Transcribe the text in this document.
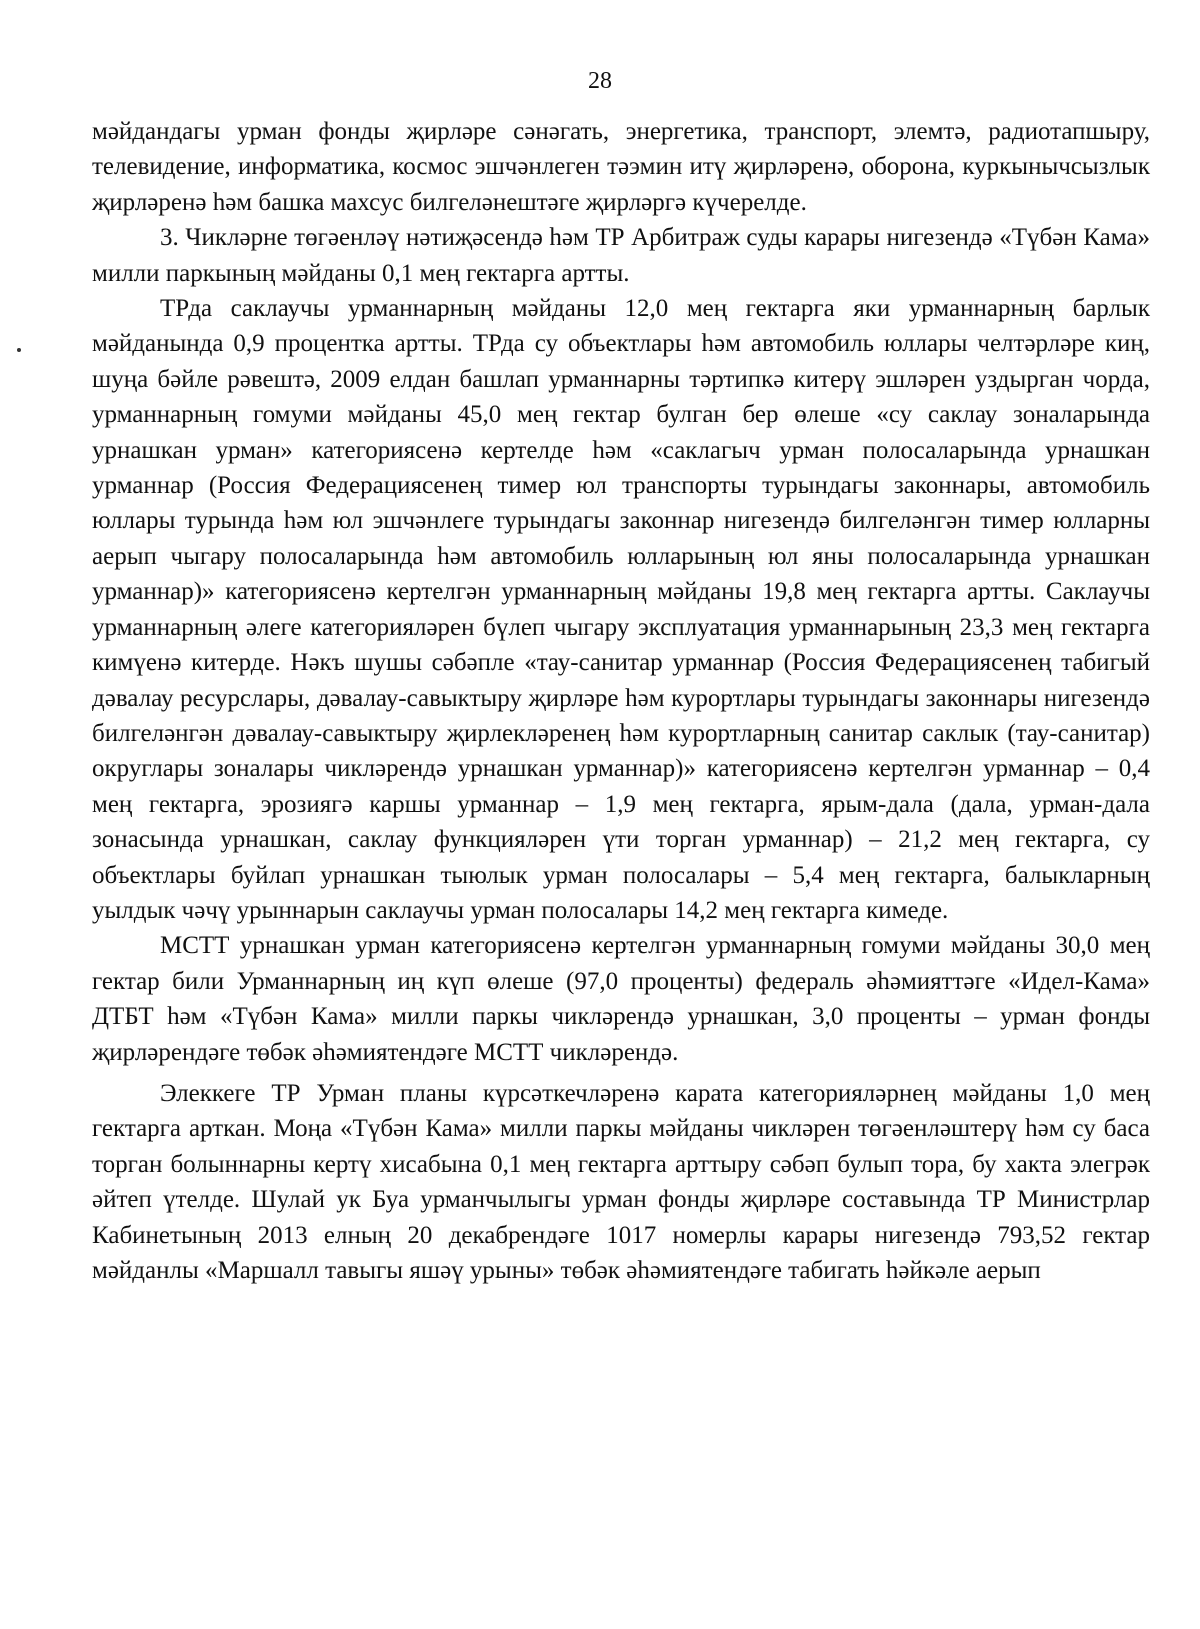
28

мәйдандагы урман фонды җирләре сәнәгать, энергетика, транспорт, элемтә, радиотапшыру, телевидение, информатика, космос эшчәнлеген тәэмин итү җирләренә, оборона, куркынычсызлык җирләренә һәм башка махсус билгеләнештәге җирләргә күчерелде.

3. Чикләрне төгәенләү нәтиҗәсендә һәм ТР Арбитраж суды карары нигезендә «Түбән Кама» милли паркының мәйданы 0,1 мең гектарга артты.

ТРда саклаучы урманнарның мәйданы 12,0 мең гектарга яки урманнарның барлык мәйданында 0,9 процентка артты. ТРда су объектлары һәм автомобиль юллары челтәрләре киң, шуңа бәйле рәвештә, 2009 елдан башлап урманнарны тәртипкә китерү эшләрен уздырган чорда, урманнарның гомуми мәйданы 45,0 мең гектар булган бер өлеше «су саклау зоналарында урнашкан урман» категориясенә кертелде һәм «саклагыч урман полосаларында урнашкан урманнар (Россия Федерациясенең тимер юл транспорты турындагы законнары, автомобиль юллары турында һәм юл эшчәнлеге турындагы законнар нигезендә билгеләнгән тимер юлларны аерып чыгару полосаларында һәм автомобиль юлларының юл яны полосаларында урнашкан урманнар)» категориясенә кертелгән урманнарның мәйданы 19,8 мең гектарга артты. Саклаучы урманнарның әлеге категорияләрен бүлеп чыгару эксплуатация урманнарының 23,3 мең гектарга кимүенә китерде. Нәкъ шушы сәбәпле «тау-санитар урманнар (Россия Федерациясенең табигый дәвалау ресурслары, дәвалау-савыктыру җирләре һәм курортлары турындагы законнары нигезендә билгеләнгән дәвалау-савыктыру җирлекләренең һәм курортларның санитар саклык (тау-санитар) округлары зоналары чикләрендә урнашкан урманнар)» категориясенә кертелгән урманнар – 0,4 мең гектарга, эрозиягә каршы урманнар – 1,9 мең гектарга, ярым-дала (дала, урман-дала зонасында урнашкан, саклау функцияләрен үти торган урманнар) – 21,2 мең гектарга, су объектлары буйлап урнашкан тыюлык урман полосалары – 5,4 мең гектарга, балыкларның уылдык чәчү урыннарын саклаучы урман полосалары 14,2 мең гектарга кимеде.

МСТТ урнашкан урман категориясенә кертелгән урманнарның гомуми мәйданы 30,0 мең гектар били Урманнарның иң күп өлеше (97,0 проценты) федераль әһәмияттәге «Идел-Кама» ДТБТ һәм «Түбән Кама» милли паркы чикләрендә урнашкан, 3,0 проценты – урман фонды җирләрендәге төбәк әһәмиятендәге МСТТ чикләрендә.

Элеккеге ТР Урман планы күрсәткечләренә карата категорияләрнең мәйданы 1,0 мең гектарга арткан. Моңа «Түбән Кама» милли паркы мәйданы чикләрен төгәенләштерү һәм су баса торган болыннарны кертү хисабына 0,1 мең гектарга арттыру сәбәп булып тора, бу хакта элегрәк әйтеп үтелде. Шулай ук Буа урманчылыгы урман фонды җирләре составында ТР Министрлар Кабинетының 2013 елның 20 декабрендәге 1017 номерлы карары нигезендә 793,52 гектар мәйданлы «Маршалл тавыгы яшәү урыны» төбәк әһәмиятендәге табигать һәйкәле аерып
